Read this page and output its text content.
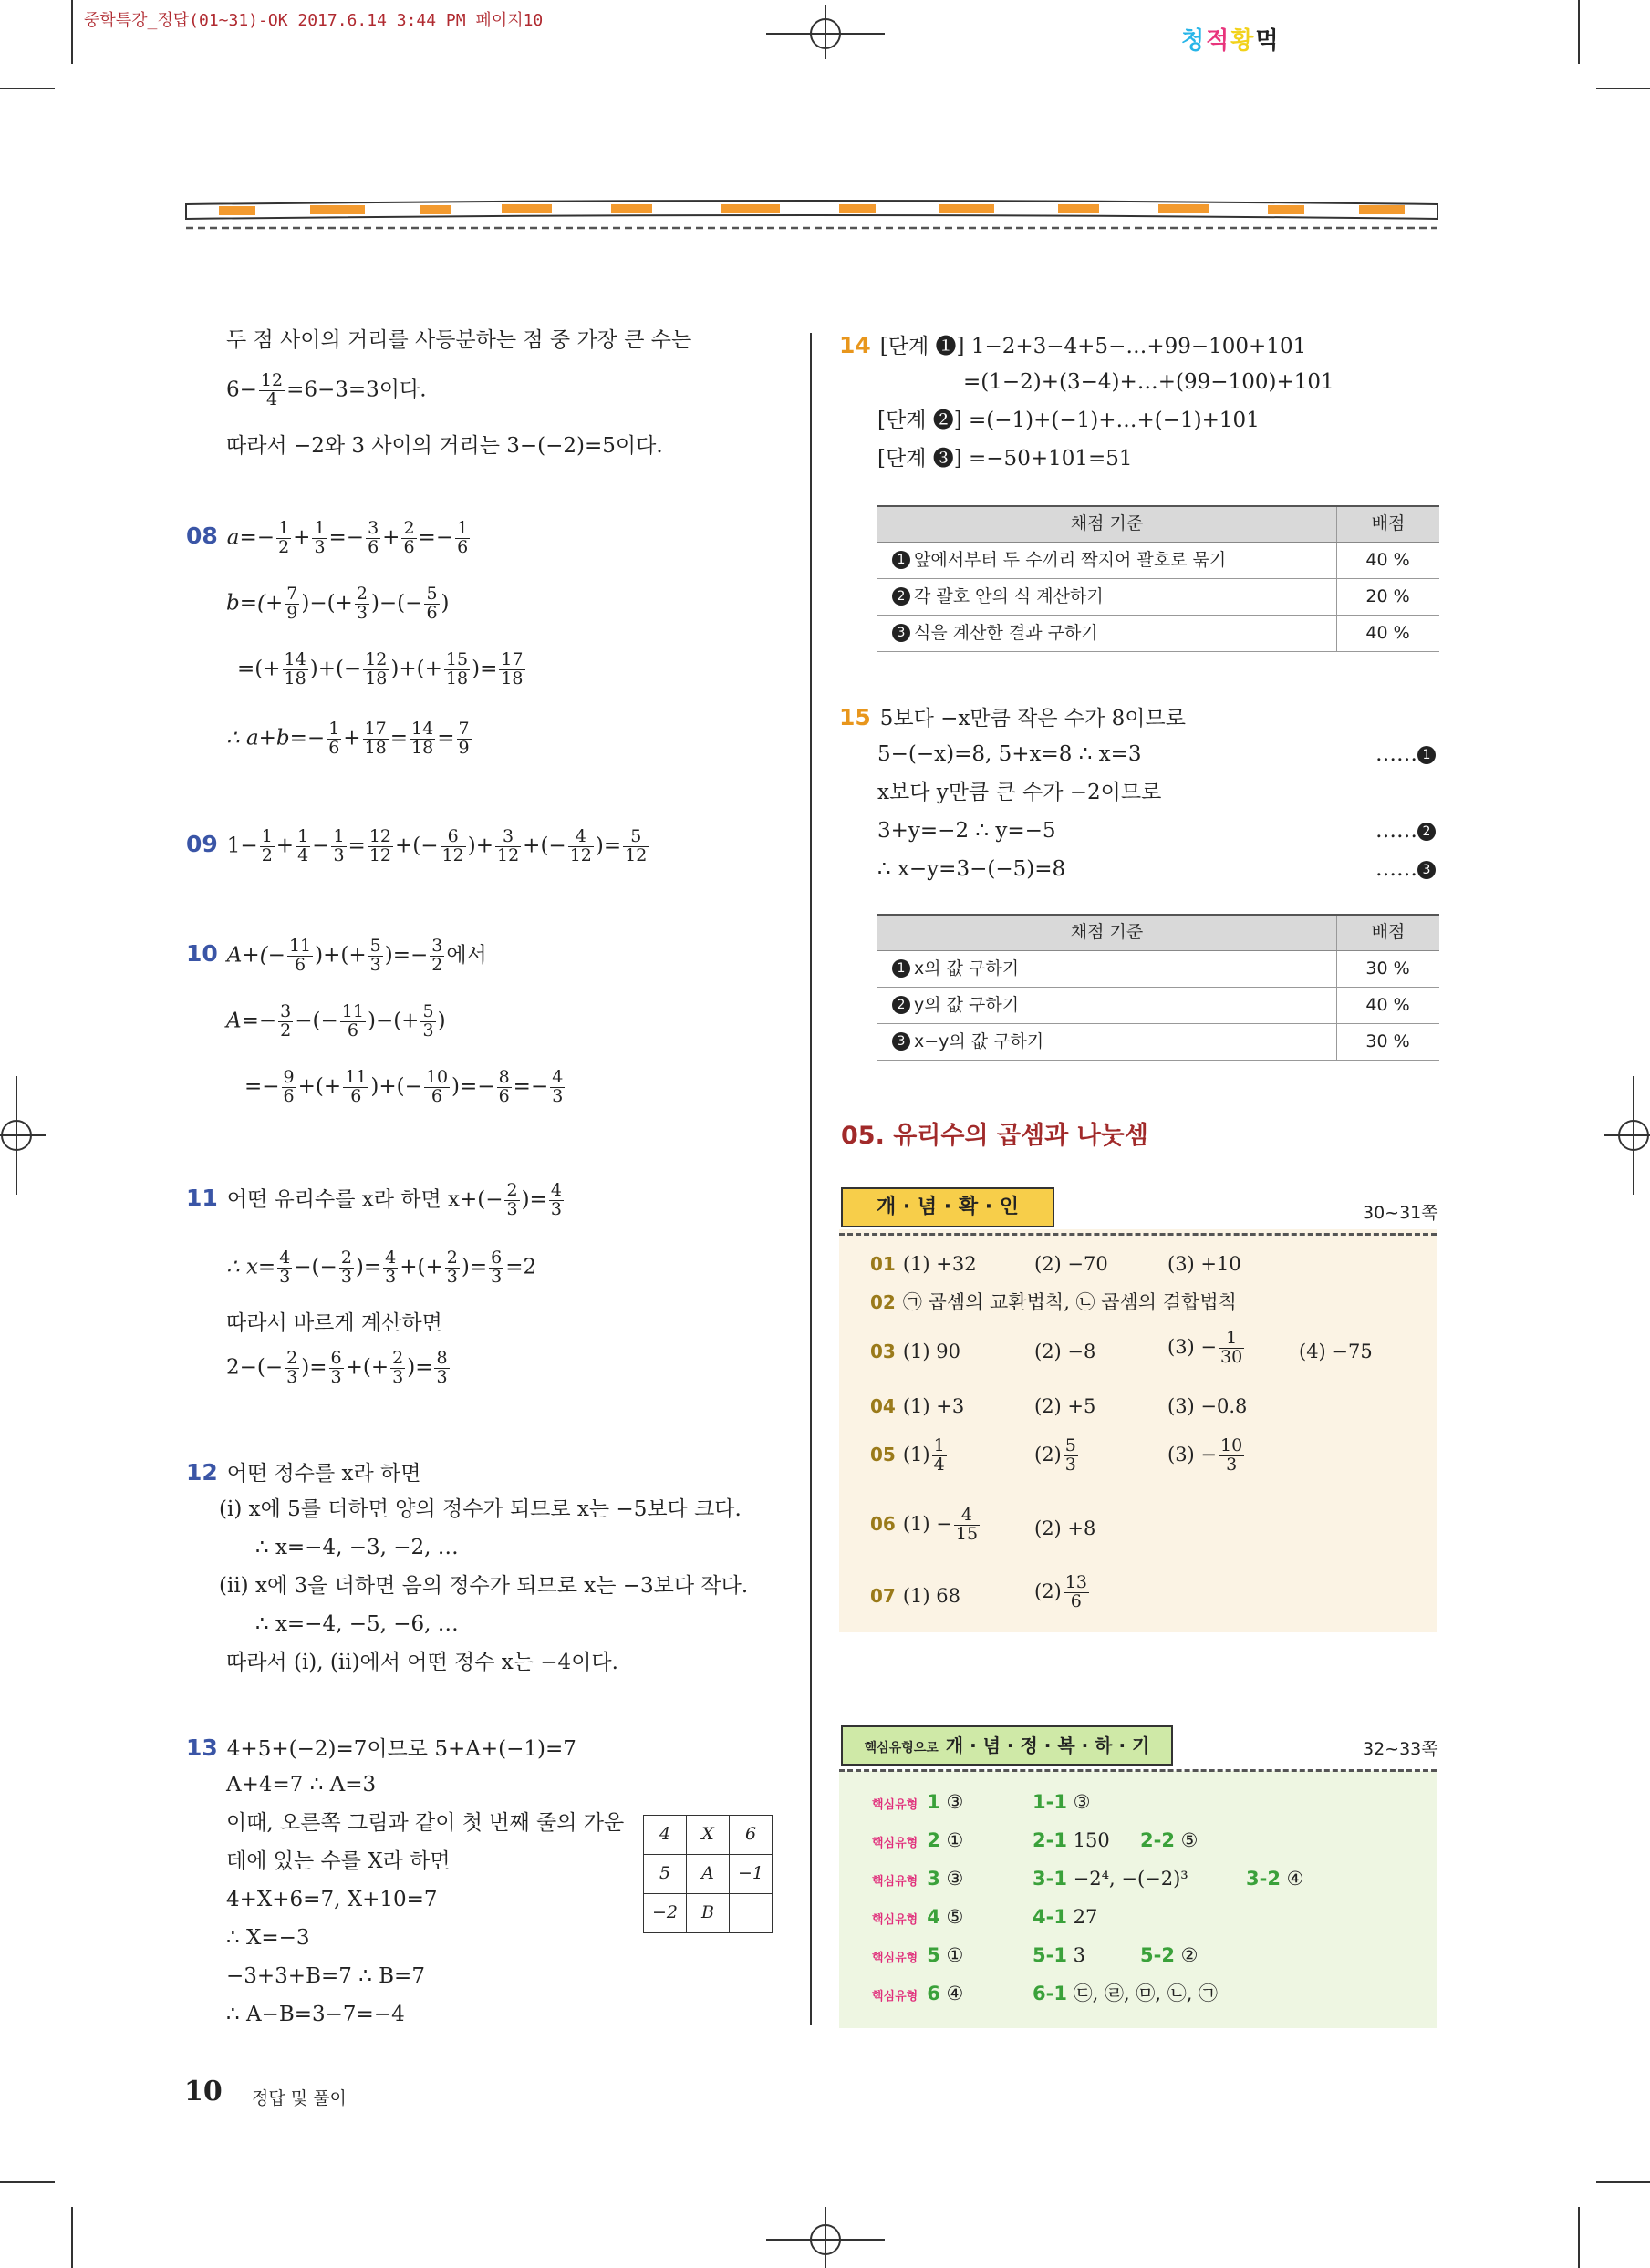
중학특강_정답(01~31)-OK 2017.6.14 3:44 PM 페이지10
청적황먹
두 점 사이의 거리를 사등분하는 점 중 가장 큰 수는
$6- \frac{12}{4} =6-3=3$이다.
따라서 −2와 3 사이의 거리는 3−(−2)=5이다.
08 $a=- \frac{1}{2} + \frac{1}{3} =- \frac{3}{6} + \frac{2}{6} =- \frac{1}{6}$
$b=(+ \frac{7}{9}$ )−(+ $\frac{2}{3}$ )−(− $\frac{5}{6}$ )
=(+ $\frac{14}{18}$ )+(− $\frac{12}{18}$ )+(+ $\frac{15}{18}$ )= $\frac{17}{18}$
∴ $a+b=- \frac{1}{6} + \frac{17}{18} = \frac{14}{18} = \frac{7}{9}$
09 $1- \frac{1}{2} + \frac{1}{4} - \frac{1}{3} = \frac{12}{12}$ +(− $\frac{6}{12}$ )+ $\frac{3}{12}$ +(− $\frac{4}{12}$ )= $\frac{5}{12}$
10 $A+(- \frac{11}{6}$ )+(+ $\frac{5}{3}$ )=− $\frac{3}{2}$ 에서
$A=- \frac{3}{2}$ −(− $\frac{11}{6}$ )−(+ $\frac{5}{3}$ )
=− $\frac{9}{6}$ +(+ $\frac{11}{6}$ )+(− $\frac{10}{6}$ )=− $\frac{8}{6} =- \frac{4}{3}$
11 어떤 유리수를 x라 하면 $x+(- \frac{2}{3}$ )= $\frac{4}{3}$
∴ $x= \frac{4}{3}$ −(− $\frac{2}{3}$ )= $\frac{4}{3}$ +(+ $\frac{2}{3}$ )= $\frac{6}{3} =2$
따라서 바르게 계산하면
$2-(- \frac{2}{3}$ )= $\frac{6}{3}$ +(+ $\frac{2}{3}$ )= $\frac{8}{3}$
12 어떤 정수를 x라 하면
(ⅰ) x에 5를 더하면 양의 정수가 되므로 x는 −5보다 크다.
∴ x=−4, −3, −2, …
(ⅱ) x에 3을 더하면 음의 정수가 되므로 x는 −3보다 작다.
∴ x=−4, −5, −6, …
따라서 (ⅰ), (ⅱ)에서 어떤 정수 x는 −4이다.
13 4+5+(−2)=7이므로 5+A+(−1)=7
A+4=7 ∴ A=3
이때, 오른쪽 그림과 같이 첫 번째 줄의 가운
데에 있는 수를 X라 하면
4+X+6=7, X+10=7
∴ X=−3
−3+3+B=7 ∴ B=7
∴ A−B=3−7=−4
4	X	6
5	A	−1
−2	B	
14 [단계 ❶] 1−2+3−4+5−…+99−100+101
=(1−2)+(3−4)+…+(99−100)+101
[단계 ❷] =(−1)+(−1)+…+(−1)+101
[단계 ❸] =−50+101=51
채점 기준	배점
1 앞에서부터 두 수끼리 짝지어 괄호로 묶기	40 %
2 각 괄호 안의 식 계산하기	20 %
3 식을 계산한 결과 구하기	40 %
15 5보다 −x만큼 작은 수가 8이므로
5−(−x)=8, 5+x=8 ∴ x=3	…… 1
x보다 y만큼 큰 수가 −2이므로
3+y=−2 ∴ y=−5	…… 2
∴ x−y=3−(−5)=8	…… 3
채점 기준	배점
1 x의 값 구하기	30 %
2 y의 값 구하기	40 %
3 x−y의 값 구하기	30 %
05. 유리수의 곱셈과 나눗셈
개 · 념 · 확 · 인	30~31쪽
01 (1) +32	(2) −70	(3) +10
02 ㉠ 곱셈의 교환법칙, ㉡ 곱셈의 결합법칙
03 (1) 90	(2) −8	$(3) - \frac{1}{30}$	(4) −75
04 (1) +3	(2) +5	(3) −0.8
05 $(1) \frac{1}{4}$	$(2) \frac{5}{3}$	$(3) - \frac{10}{3}$
06 $(1) - \frac{4}{15}$	(2) +8
07 (1) 68	$(2) \frac{13}{6}$
핵심유형으로 개 · 념 · 정 · 복 · 하 · 기	32~33쪽
핵심유형 1 ③	1-1 ③
핵심유형 2 ①	2-1 150 2-2 ⑤
핵심유형 3 ③	3-1 −2⁴, −(−2)³	3-2 ④
핵심유형 4 ⑤	4-1 27
핵심유형 5 ①	5-1 3	5-2 ②
핵심유형 6 ④	6-1 ㉢, ㉣, ㉤, ㉡, ㉠
10 정답 및 풀이
